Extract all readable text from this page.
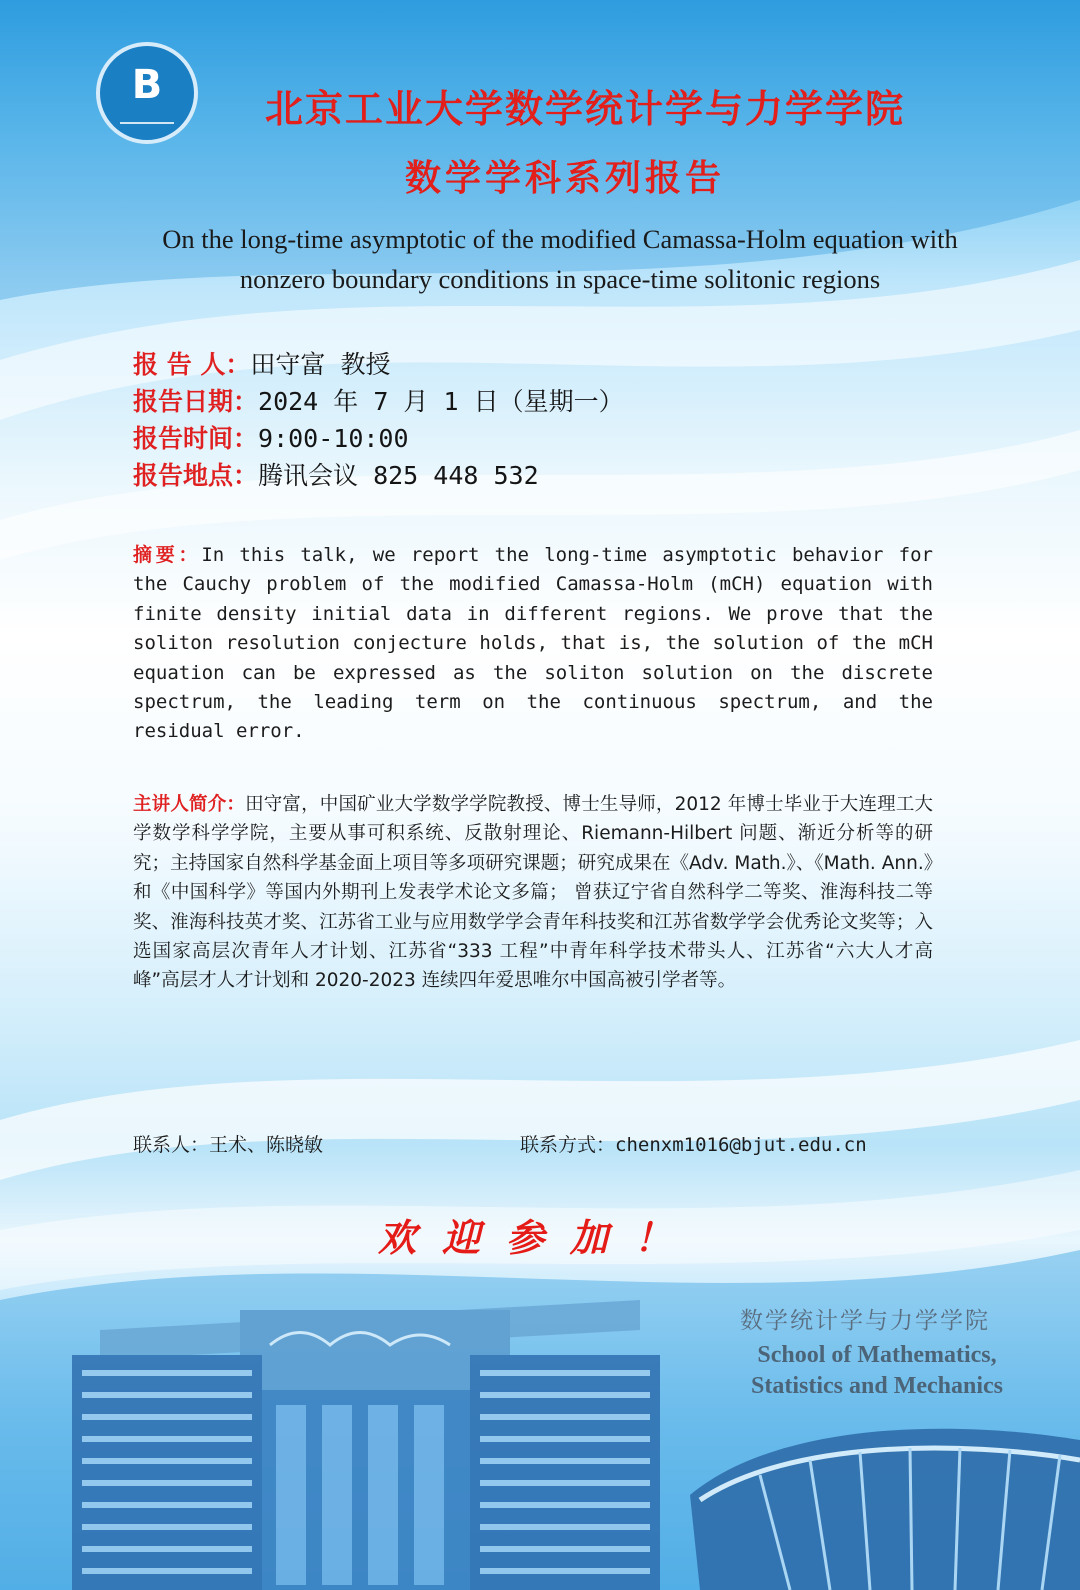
B
北京工业大学数学统计学与力学学院
数学学科系列报告
On the long-time asymptotic of the modified Camassa-Holm equation with nonzero boundary conditions in space-time solitonic regions
报 告 人：田守富 教授
报告日期：2024 年 7 月 1 日（星期一）
报告时间：9:00-10:00
报告地点：腾讯会议 825 448 532
摘要：In this talk, we report the long-time asymptotic behavior for the Cauchy problem of the modified Camassa-Holm (mCH) equation with finite density initial data in different regions. We prove that the soliton resolution conjecture holds, that is, the solution of the mCH equation can be expressed as the soliton solution on the discrete spectrum, the leading term on the continuous spectrum, and the residual error.
主讲人简介：田守富，中国矿业大学数学学院教授、博士生导师，2012 年博士毕业于大连理工大学数学科学学院，主要从事可积系统、反散射理论、Riemann-Hilbert 问题、渐近分析等的研究；主持国家自然科学基金面上项目等多项研究课题；研究成果在《Adv. Math.》、《Math. Ann.》和《中国科学》等国内外期刊上发表学术论文多篇； 曾获辽宁省自然科学二等奖、淮海科技二等奖、淮海科技英才奖、江苏省工业与应用数学学会青年科技奖和江苏省数学学会优秀论文奖等；入选国家高层次青年人才计划、江苏省“333 工程”中青年科学技术带头人、江苏省“六大人才高峰”高层才人才计划和 2020-2023 连续四年爱思唯尔中国高被引学者等。
联系人：王术、陈晓敏	联系方式：chenxm1016@bjut.edu.cn
欢迎参加！
数学统计学与力学学院
School of Mathematics,
Statistics and Mechanics
